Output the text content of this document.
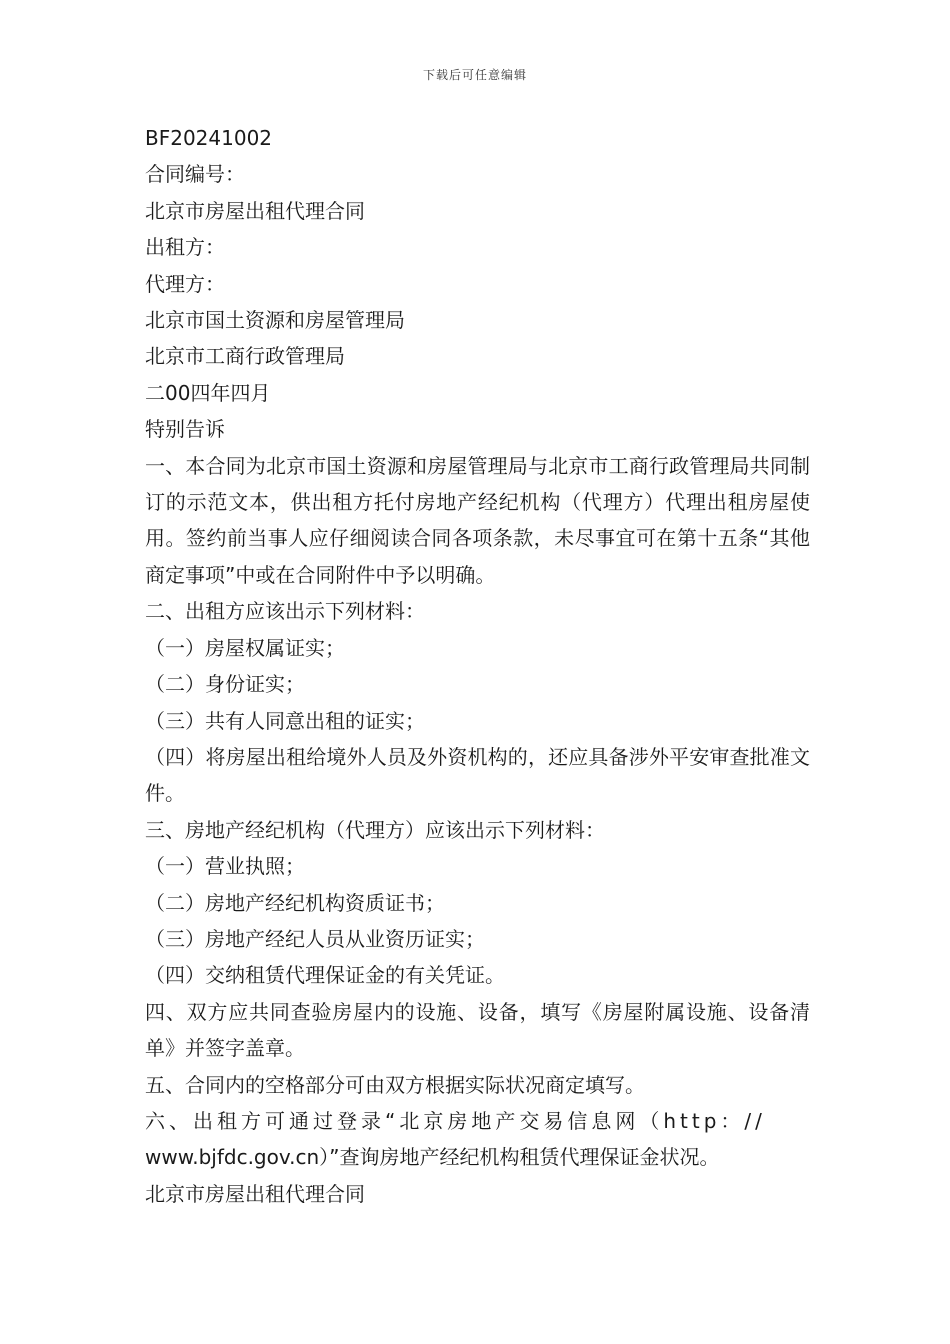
下载后可任意编辑

BF20241002

合同编号：

北京市房屋出租代理合同

出租方：

代理方：

北京市国土资源和房屋管理局

北京市工商行政管理局

二00四年四月

特别告诉

一、本合同为北京市国土资源和房屋管理局与北京市工商行政管理局共同制订的示范文本，供出租方托付房地产经纪机构（代理方）代理出租房屋使用。签约前当事人应仔细阅读合同各项条款，未尽事宜可在第十五条“其他商定事项”中或在合同附件中予以明确。

二、出租方应该出示下列材料：

（一）房屋权属证实；

（二）身份证实；

（三）共有人同意出租的证实；

（四）将房屋出租给境外人员及外资机构的，还应具备涉外平安审查批准文件。

三、房地产经纪机构（代理方）应该出示下列材料：

（一）营业执照；

（二）房地产经纪机构资质证书；

（三）房地产经纪人员从业资历证实；

（四）交纳租赁代理保证金的有关凭证。

四、双方应共同查验房屋内的设施、设备，填写《房屋附属设施、设备清单》并签字盖章。

五、合同内的空格部分可由双方根据实际状况商定填写。

六、出租方可通过登录“北京房地产交易信息网（http：//

www.bjfdc.gov.cn）”查询房地产经纪机构租赁代理保证金状况。

北京市房屋出租代理合同
